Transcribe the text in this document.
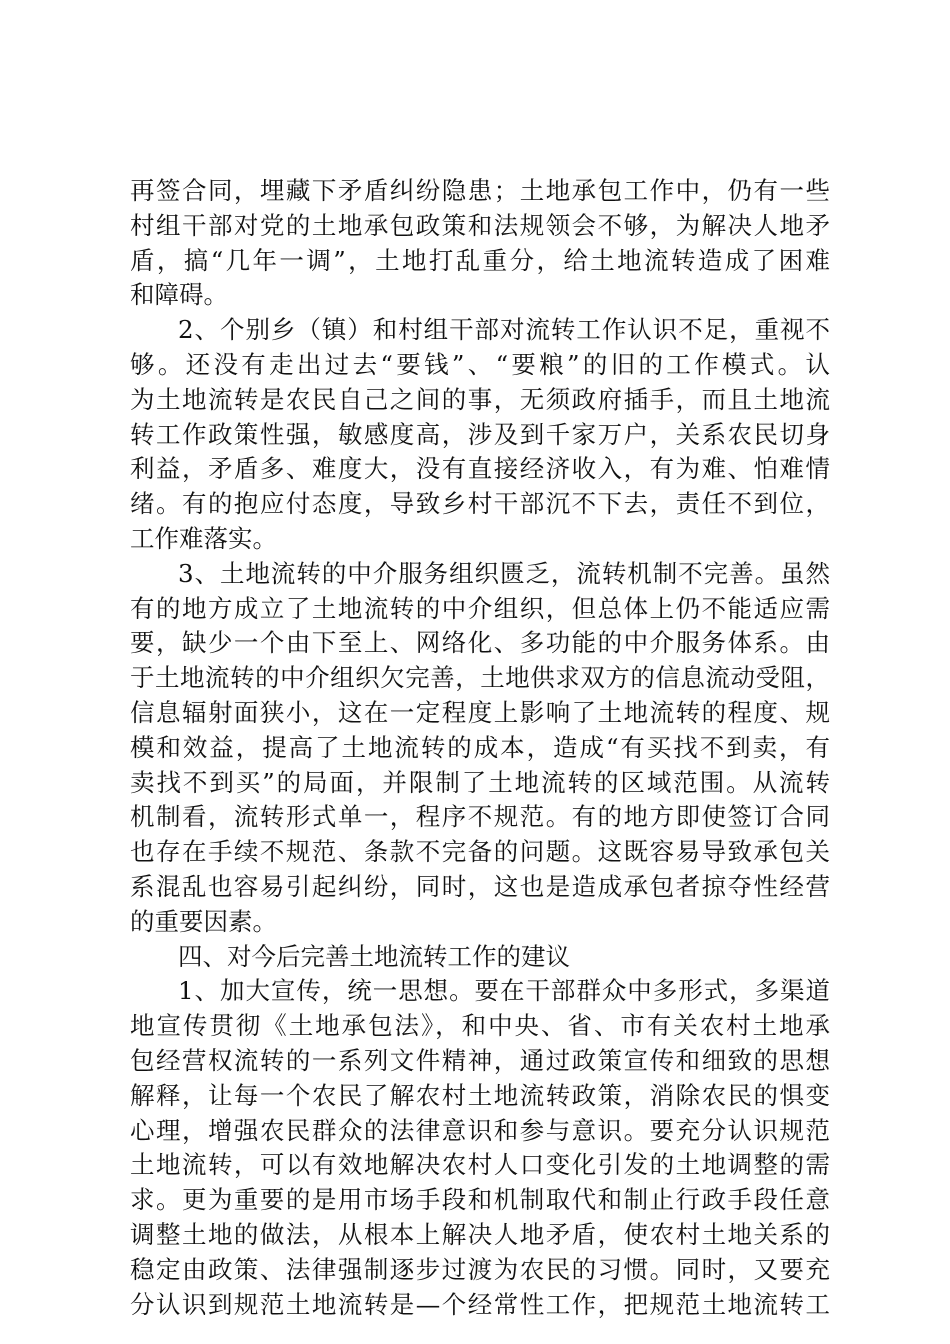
再签合同，埋藏下矛盾纠纷隐患；土地承包工作中，仍有一些
村组干部对党的土地承包政策和法规领会不够，为解决人地矛
盾，搞“几年一调”，土地打乱重分，给土地流转造成了困难
和障碍。
2、个别乡（镇）和村组干部对流转工作认识不足，重视不
够。还没有走出过去“要钱”、“要粮”的旧的工作模式。认
为土地流转是农民自己之间的事，无须政府插手，而且土地流
转工作政策性强，敏感度高，涉及到千家万户，关系农民切身
利益，矛盾多、难度大，没有直接经济收入，有为难、怕难情
绪。有的抱应付态度，导致乡村干部沉不下去，责任不到位，
工作难落实。
3、土地流转的中介服务组织匮乏，流转机制不完善。虽然
有的地方成立了土地流转的中介组织，但总体上仍不能适应需
要，缺少一个由下至上、网络化、多功能的中介服务体系。由
于土地流转的中介组织欠完善，土地供求双方的信息流动受阻，
信息辐射面狭小，这在一定程度上影响了土地流转的程度、规
模和效益，提高了土地流转的成本，造成“有买找不到卖，有
卖找不到买”的局面，并限制了土地流转的区域范围。从流转
机制看，流转形式单一，程序不规范。有的地方即使签订合同
也存在手续不规范、条款不完备的问题。这既容易导致承包关
系混乱也容易引起纠纷，同时，这也是造成承包者掠夺性经营
的重要因素。
四、对今后完善土地流转工作的建议
1、加大宣传，统一思想。要在干部群众中多形式，多渠道
地宣传贯彻《土地承包法》，和中央、省、市有关农村土地承
包经营权流转的一系列文件精神，通过政策宣传和细致的思想
解释，让每一个农民了解农村土地流转政策，消除农民的惧变
心理，增强农民群众的法律意识和参与意识。要充分认识规范
土地流转，可以有效地解决农村人口变化引发的土地调整的需
求。更为重要的是用市场手段和机制取代和制止行政手段任意
调整土地的做法，从根本上解决人地矛盾，使农村土地关系的
稳定由政策、法律强制逐步过渡为农民的习惯。同时，又要充
分认识到规范土地流转是—个经常性工作，把规范土地流转工
